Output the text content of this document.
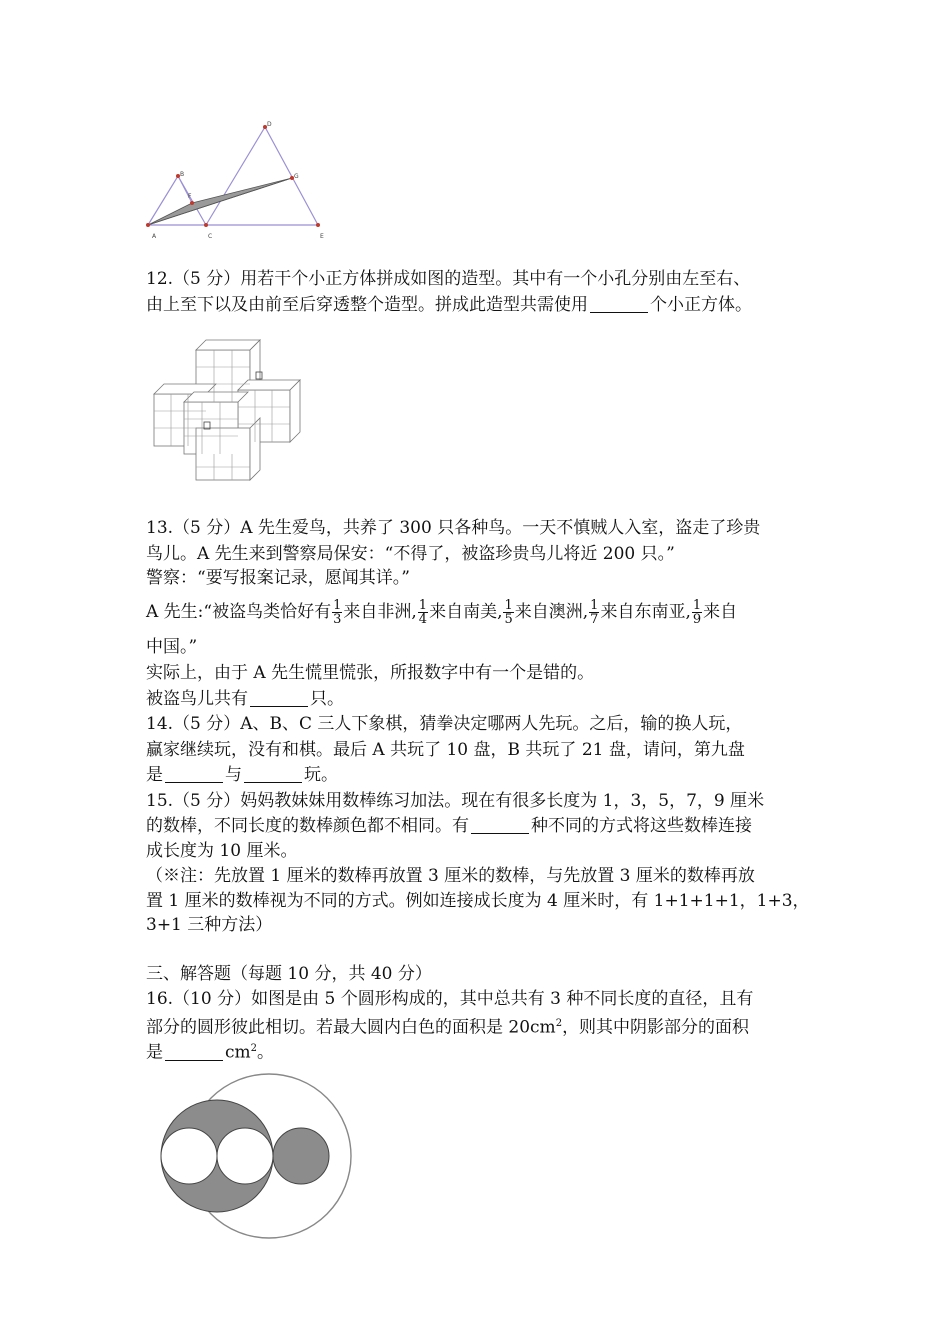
D
B
F
G
A	C	E
12.（5 分）用若干个小正方体拼成如图的造型。其中有一个小孔分别由左至右、
由上至下以及由前至后穿透整个造型。拼成此造型共需使用	个小正方体。
13.（5 分）A 先生爱鸟，共养了 300 只各种鸟。一天不慎贼人入室，盗走了珍贵
鸟儿。A 先生来到警察局保安：“不得了，被盗珍贵鸟儿将近 200 只。”
警察：“要写报案记录，愿闻其详。”
A 先生:“被盗鸟类恰好有 $\frac{1}{3}$ 来自非洲, $\frac{1}{4}$ 来自南美, $\frac{1}{5}$ 来自澳洲, $\frac{1}{7}$ 来自东南亚, $\frac{1}{9}$ 来自
中国。”
实际上，由于 A 先生慌里慌张，所报数字中有一个是错的。
被盗鸟儿共有	只。
14.（5 分）A、B、C 三人下象棋，猜拳决定哪两人先玩。之后，输的换人玩，
赢家继续玩，没有和棋。最后 A 共玩了 10 盘，B 共玩了 21 盘，请问，第九盘
是	与	玩。
15.（5 分）妈妈教妹妹用数棒练习加法。现在有很多长度为 1，3，5，7，9 厘米
的数棒，不同长度的数棒颜色都不相同。有	种不同的方式将这些数棒连接
成长度为 10 厘米。
（※注：先放置 1 厘米的数棒再放置 3 厘米的数棒，与先放置 3 厘米的数棒再放
置 1 厘米的数棒视为不同的方式。例如连接成长度为 4 厘米时，有 1+1+1+1，1+3，
3+1 三种方法）
三、解答题（每题 10 分，共 40 分）
16.（10 分）如图是由 5 个圆形构成的，其中总共有 3 种不同长度的直径，且有
部分的圆形彼此相切。若最大圆内白色的面积是 $20cm^2$，则其中阴影部分的面积
是	$cm^2$。
